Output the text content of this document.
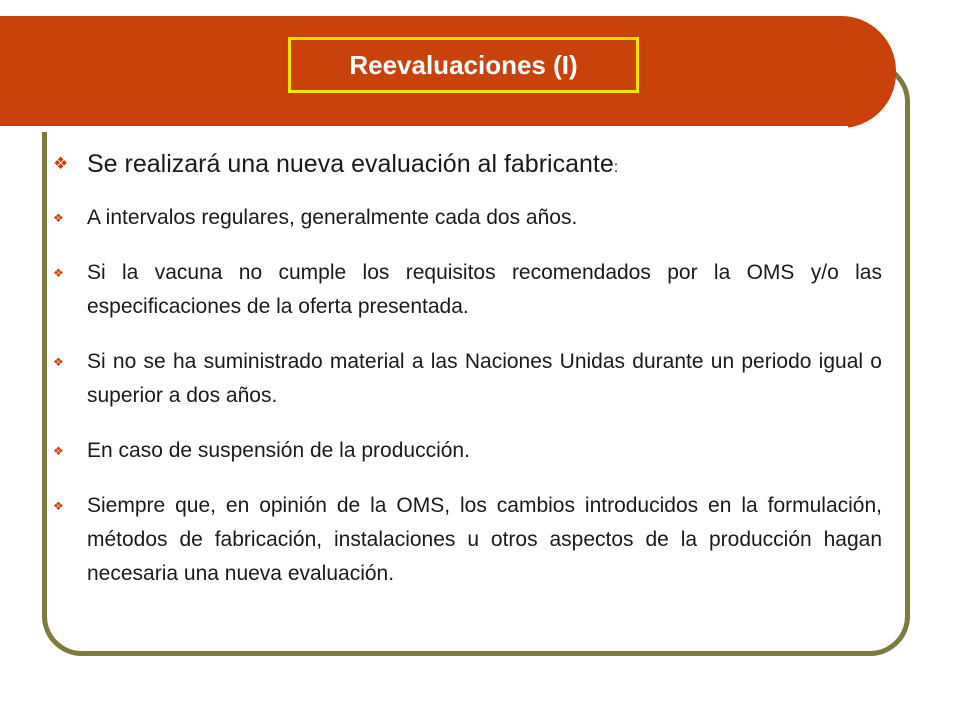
Reevaluaciones (I)
❖ Se realizará una nueva evaluación al fabricante:
❖ A intervalos regulares, generalmente cada dos años.
❖ Si la vacuna no cumple los requisitos recomendados por la OMS y/o las especificaciones de la oferta presentada.
❖ Si no se ha suministrado material a las Naciones Unidas durante un periodo igual o superior a dos años.
❖ En caso de suspensión de la producción.
❖ Siempre que, en opinión de la OMS, los cambios introducidos en la formulación, métodos de fabricación, instalaciones u otros aspectos de la producción hagan necesaria una nueva evaluación.
